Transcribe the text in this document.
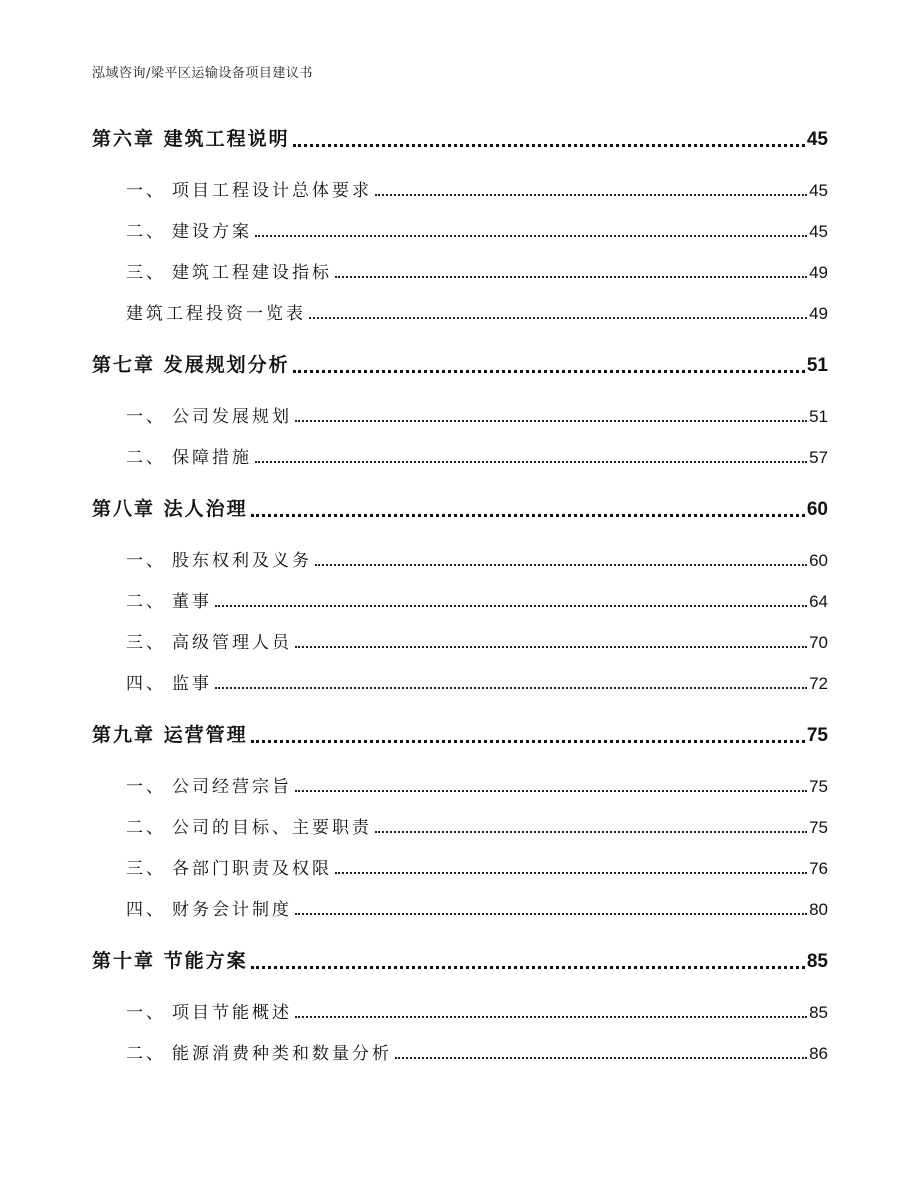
泓域咨询/梁平区运输设备项目建议书
第六章 建筑工程说明	45
一、 项目工程设计总体要求	45
二、 建设方案	45
三、 建筑工程建设指标	49
建筑工程投资一览表	49
第七章 发展规划分析	51
一、 公司发展规划	51
二、 保障措施	57
第八章 法人治理	60
一、 股东权利及义务	60
二、 董事	64
三、 高级管理人员	70
四、 监事	72
第九章 运营管理	75
一、 公司经营宗旨	75
二、 公司的目标、主要职责	75
三、 各部门职责及权限	76
四、 财务会计制度	80
第十章 节能方案	85
一、 项目节能概述	85
二、 能源消费种类和数量分析	86
